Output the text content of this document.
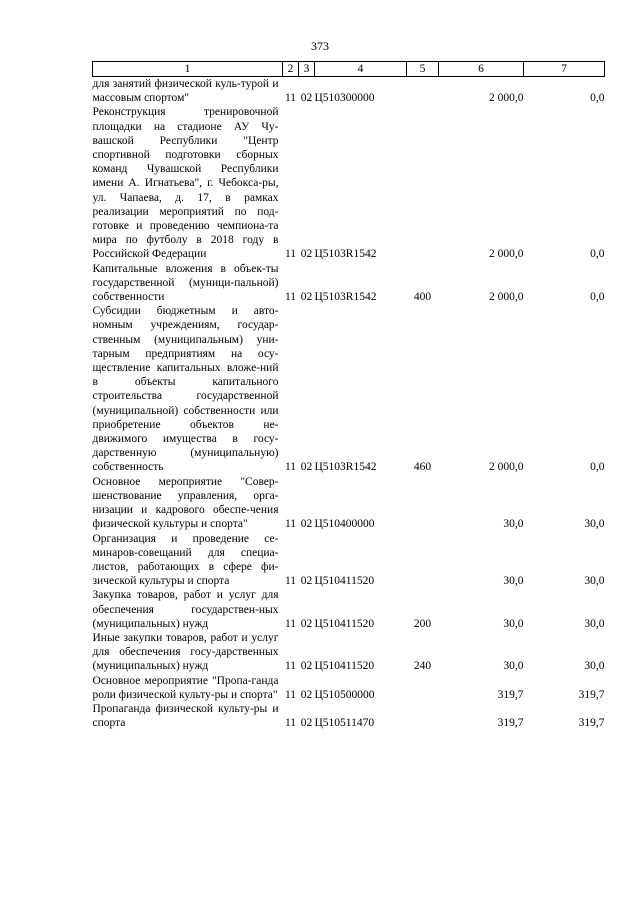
373
1	2	3	4	5	6	7
для занятий физической куль-турой и массовым спортом"	11	02	Ц510300000		2 000,0	0,0
Реконструкция тренировочной площадки на стадионе АУ Чу-вашской Республики "Центр спортивной подготовки сборных команд Чувашской Республики имени А. Игнатьева", г. Чебокса-ры, ул. Чапаева, д. 17, в рамках реализации мероприятий по под-готовке и проведению чемпиона-та мира по футболу в 2018 году в Российской Федерации	11	02	Ц5103R1542		2 000,0	0,0
Капитальные вложения в объек-ты государственной (муници-пальной) собственности	11	02	Ц5103R1542	400	2 000,0	0,0
Субсидии бюджетным и авто-номным учреждениям, государ-ственным (муниципальным) уни-тарным предприятиям на осу-ществление капитальных вложе-ний в объекты капитального строительства государственной (муниципальной) собственности или приобретение объектов не-движимого имущества в госу-дарственную (муниципальную) собственность	11	02	Ц5103R1542	460	2 000,0	0,0
Основное мероприятие "Совер-шенствование управления, орга-низации и кадрового обеспе-чения физической культуры и спорта"	11	02	Ц510400000		30,0	30,0
Организация и проведение се-минаров-совещаний для специа-листов, работающих в сфере фи-зической культуры и спорта	11	02	Ц510411520		30,0	30,0
Закупка товаров, работ и услуг для обеспечения государствен-ных (муниципальных) нужд	11	02	Ц510411520	200	30,0	30,0
Иные закупки товаров, работ и услуг для обеспечения госу-дарственных (муниципальных) нужд	11	02	Ц510411520	240	30,0	30,0
Основное мероприятие "Пропа-ганда роли физической культу-ры и спорта"	11	02	Ц510500000		319,7	319,7
Пропаганда физической культу-ры и спорта	11	02	Ц510511470		319,7	319,7
